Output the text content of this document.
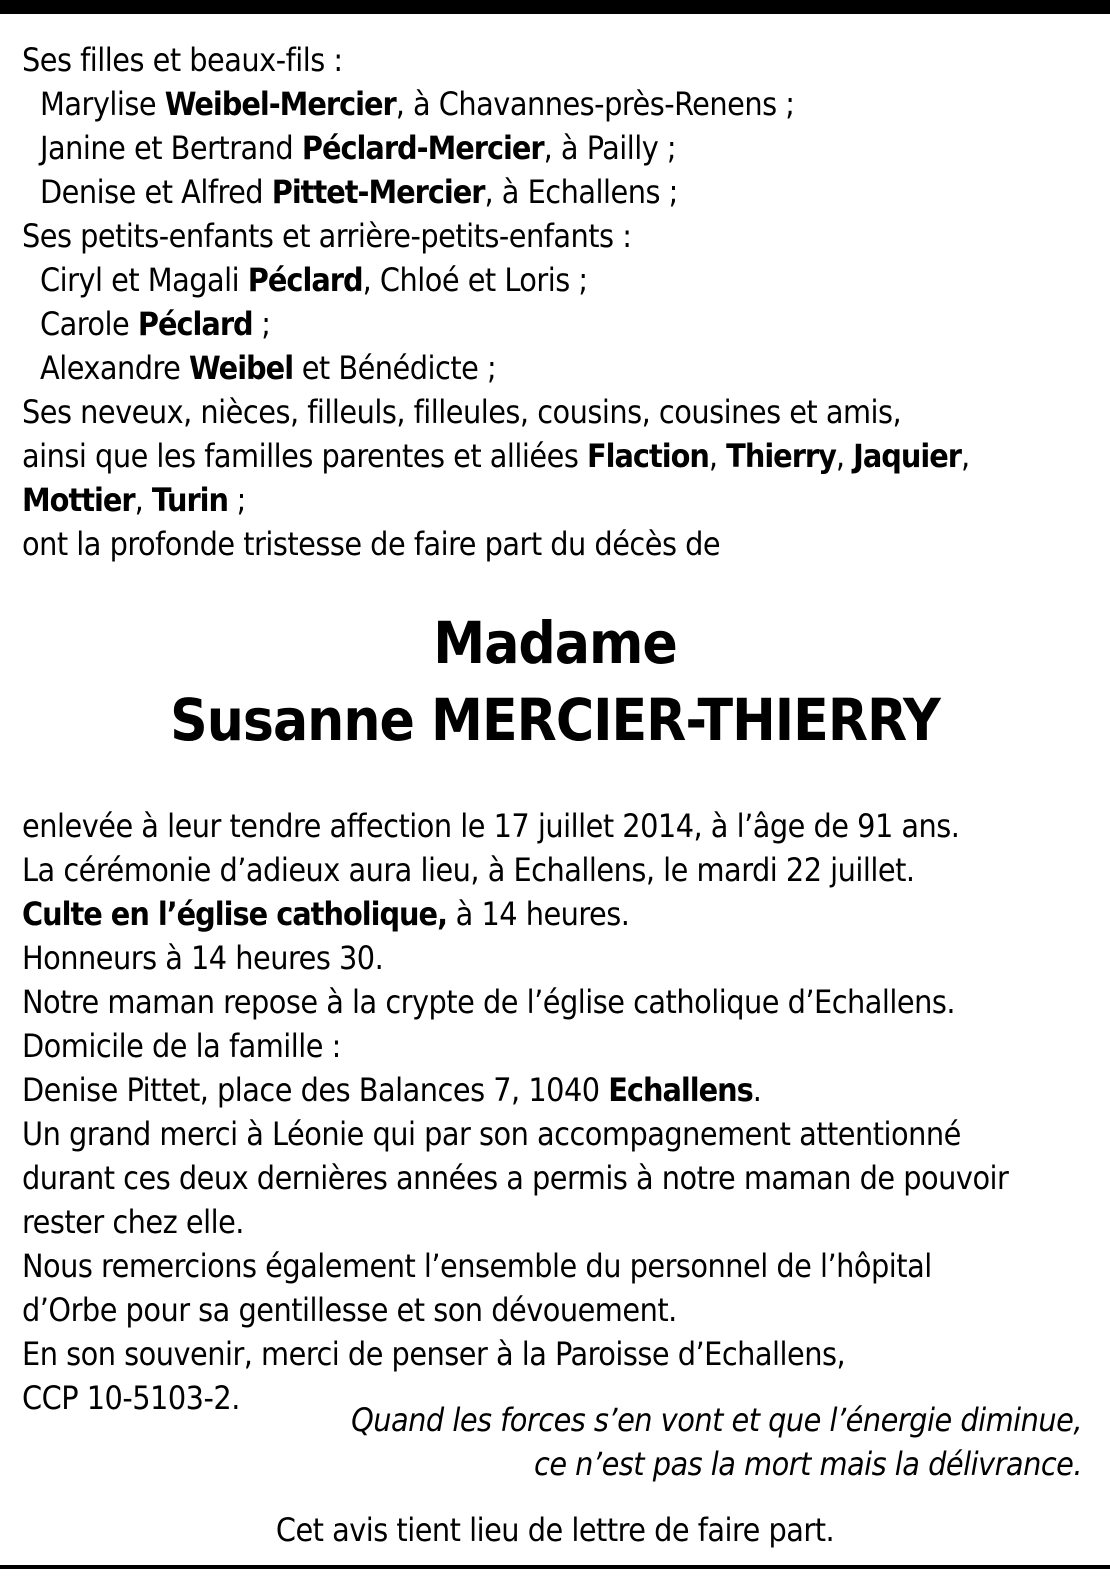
Ses filles et beaux-fils :
Marylise Weibel-Mercier, à Chavannes-près-Renens ;
Janine et Bertrand Péclard-Mercier, à Pailly ;
Denise et Alfred Pittet-Mercier, à Echallens ;
Ses petits-enfants et arrière-petits-enfants :
Ciryl et Magali Péclard, Chloé et Loris ;
Carole Péclard ;
Alexandre Weibel et Bénédicte ;
Ses neveux, nièces, filleuls, filleules, cousins, cousines et amis,
ainsi que les familles parentes et alliées Flaction, Thierry, Jaquier,
Mottier, Turin ;
ont la profonde tristesse de faire part du décès de
Madame
Susanne MERCIER-THIERRY
enlevée à leur tendre affection le 17 juillet 2014, à l’âge de 91 ans.
La cérémonie d’adieux aura lieu, à Echallens, le mardi 22 juillet.
Culte en l’église catholique, à 14 heures.
Honneurs à 14 heures 30.
Notre maman repose à la crypte de l’église catholique d’Echallens.
Domicile de la famille :
Denise Pittet, place des Balances 7, 1040 Echallens.
Un grand merci à Léonie qui par son accompagnement attentionné
durant ces deux dernières années a permis à notre maman de pouvoir
rester chez elle.
Nous remercions également l’ensemble du personnel de l’hôpital
d’Orbe pour sa gentillesse et son dévouement.
En son souvenir, merci de penser à la Paroisse d’Echallens,
CCP 10-5103-2.
Quand les forces s’en vont et que l’énergie diminue,
ce n’est pas la mort mais la délivrance.
Cet avis tient lieu de lettre de faire part.
